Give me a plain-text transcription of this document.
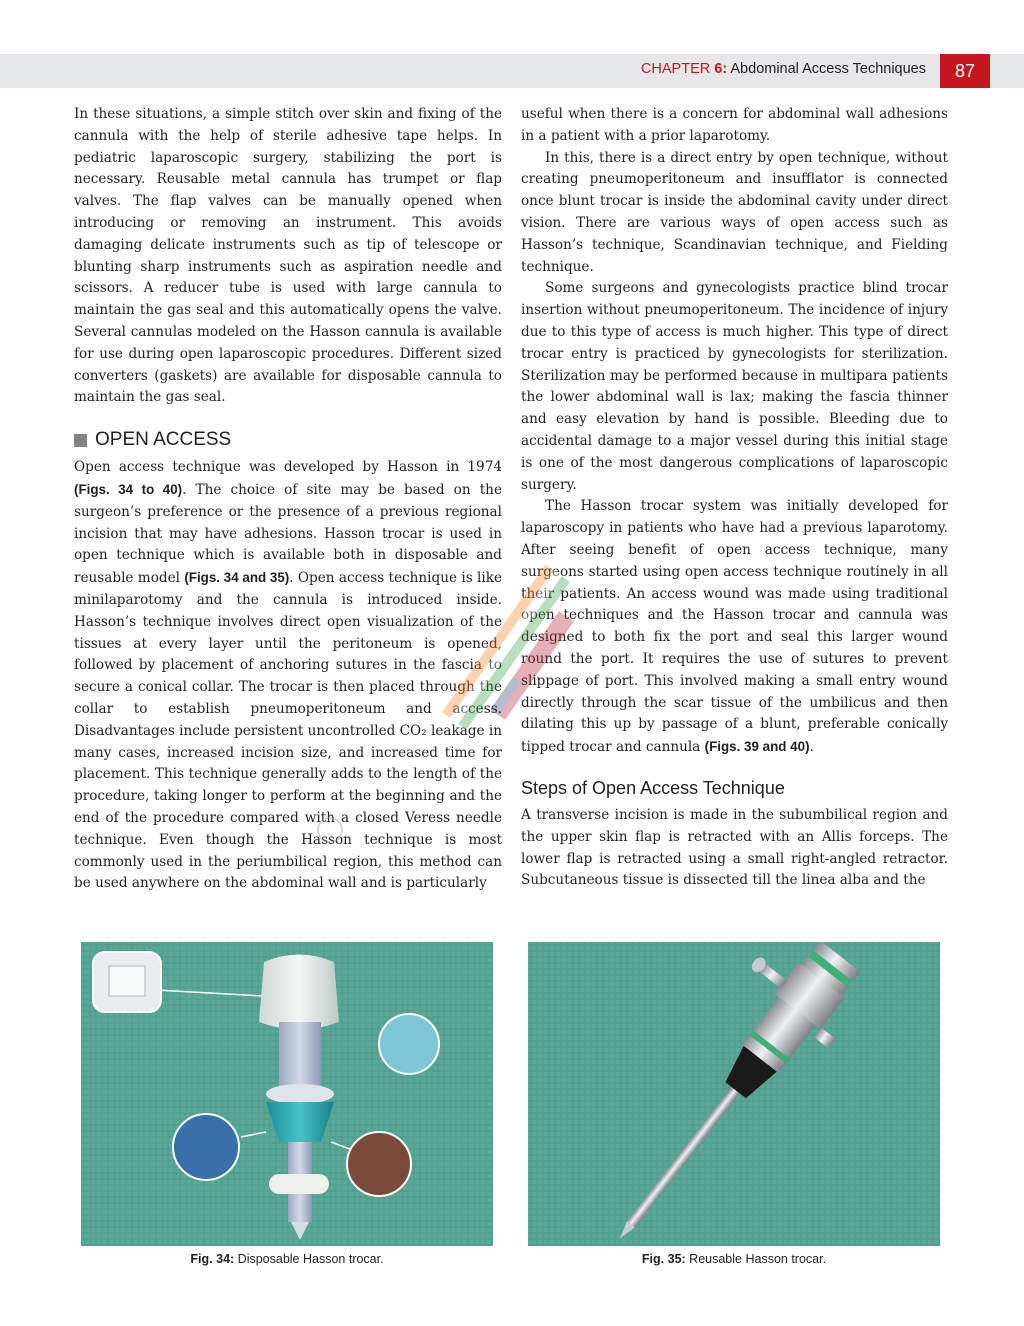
CHAPTER 6: Abdominal Access Techniques	87

In these situations, a simple stitch over skin and fixing of the cannula with the help of sterile adhesive tape helps. In pediatric laparoscopic surgery, stabilizing the port is necessary. Reusable metal cannula has trumpet or flap valves. The flap valves can be manually opened when introducing or removing an instrument. This avoids damaging delicate instruments such as tip of telescope or blunting sharp instruments such as aspiration needle and scissors. A reducer tube is used with large cannula to maintain the gas seal and this automatically opens the valve. Several cannulas modeled on the Hasson cannula is available for use during open laparoscopic procedures. Different sized converters (gaskets) are available for disposable cannula to maintain the gas seal.

OPEN ACCESS

Open access technique was developed by Hasson in 1974 (Figs. 34 to 40). The choice of site may be based on the surgeon’s preference or the presence of a previous regional incision that may have adhesions. Hasson trocar is used in open technique which is available both in disposable and reusable model (Figs. 34 and 35). Open access technique is like minilaparotomy and the cannula is introduced inside. Hasson’s technique involves direct open visualization of the tissues at every layer until the peritoneum is opened, followed by placement of anchoring sutures in the fascia to secure a conical collar. The trocar is then placed through the collar to establish pneumoperitoneum and access. Disadvantages include persistent uncontrolled CO₂ leakage in many cases, increased incision size, and increased time for placement. This technique generally adds to the length of the procedure, taking longer to perform at the beginning and the end of the procedure compared with a closed Veress needle technique. Even though the Hasson technique is most commonly used in the periumbilical region, this method can be used anywhere on the abdominal wall and is particularly

useful when there is a concern for abdominal wall adhesions in a patient with a prior laparotomy.

In this, there is a direct entry by open technique, without creating pneumoperitoneum and insufflator is connected once blunt trocar is inside the abdominal cavity under direct vision. There are various ways of open access such as Hasson’s technique, Scandinavian technique, and Fielding technique.

Some surgeons and gynecologists practice blind trocar insertion without pneumoperitoneum. The incidence of injury due to this type of access is much higher. This type of direct trocar entry is practiced by gynecologists for sterilization. Sterilization may be performed because in multipara patients the lower abdominal wall is lax; making the fascia thinner and easy elevation by hand is possible. Bleeding due to accidental damage to a major vessel during this initial stage is one of the most dangerous complications of laparoscopic surgery.

The Hasson trocar system was initially developed for laparoscopy in patients who have had a previous laparotomy. After seeing benefit of open access technique, many surgeons started using open access technique routinely in all their patients. An access wound was made using traditional open techniques and the Hasson trocar and cannula was designed to both fix the port and seal this larger wound round the port. It requires the use of sutures to prevent slippage of port. This involved making a small entry wound directly through the scar tissue of the umbilicus and then dilating this up by passage of a blunt, preferable conically tipped trocar and cannula (Figs. 39 and 40).

Steps of Open Access Technique

A transverse incision is made in the subumbilical region and the upper skin flap is retracted with an Allis forceps. The lower flap is retracted using a small right-angled retractor. Subcutaneous tissue is dissected till the linea alba and the

Fig. 34: Disposable Hasson trocar.	Fig. 35: Reusable Hasson trocar.
